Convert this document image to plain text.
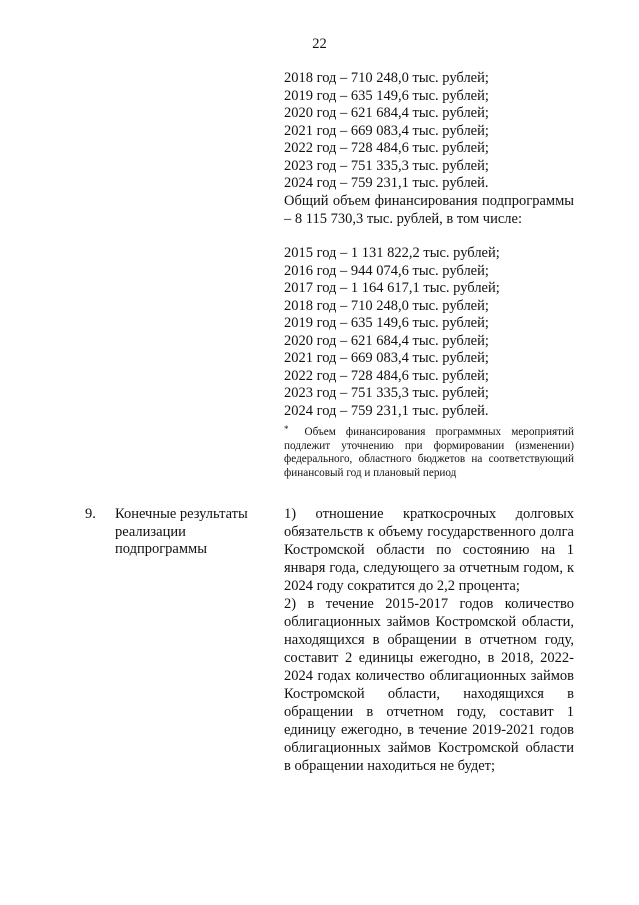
22
2018 год – 710 248,0 тыс. рублей;
2019 год – 635 149,6 тыс. рублей;
2020 год – 621 684,4 тыс. рублей;
2021 год – 669 083,4 тыс. рублей;
2022 год – 728 484,6 тыс. рублей;
2023 год – 751 335,3 тыс. рублей;
2024 год – 759 231,1 тыс. рублей.
Общий объем финансирования подпрограммы – 8 115 730,3 тыс. рублей, в том числе:
2015 год – 1 131 822,2 тыс. рублей;
2016 год – 944 074,6 тыс. рублей;
2017 год – 1 164 617,1 тыс. рублей;
2018 год – 710 248,0 тыс. рублей;
2019 год – 635 149,6 тыс. рублей;
2020 год – 621 684,4 тыс. рублей;
2021 год – 669 083,4 тыс. рублей;
2022 год – 728 484,6 тыс. рублей;
2023 год – 751 335,3 тыс. рублей;
2024 год – 759 231,1 тыс. рублей.
* Объем финансирования программных мероприятий подлежит уточнению при формировании (изменении) федерального, областного бюджетов на соответствующий финансовый год и плановый период
9. Конечные результаты реализации подпрограммы
1) отношение краткосрочных долговых обязательств к объему государственного долга Костромской области по состоянию на 1 января года, следующего за отчетным годом, к 2024 году сократится до 2,2 процента;
2) в течение 2015-2017 годов количество облигационных займов Костромской области, находящихся в обращении в отчетном году, составит 2 единицы ежегодно, в 2018, 2022-2024 годах количество облигационных займов Костромской области, находящихся в обращении в отчетном году, составит 1 единицу ежегодно, в течение 2019-2021 годов облигационных займов Костромской области в обращении находиться не будет;
